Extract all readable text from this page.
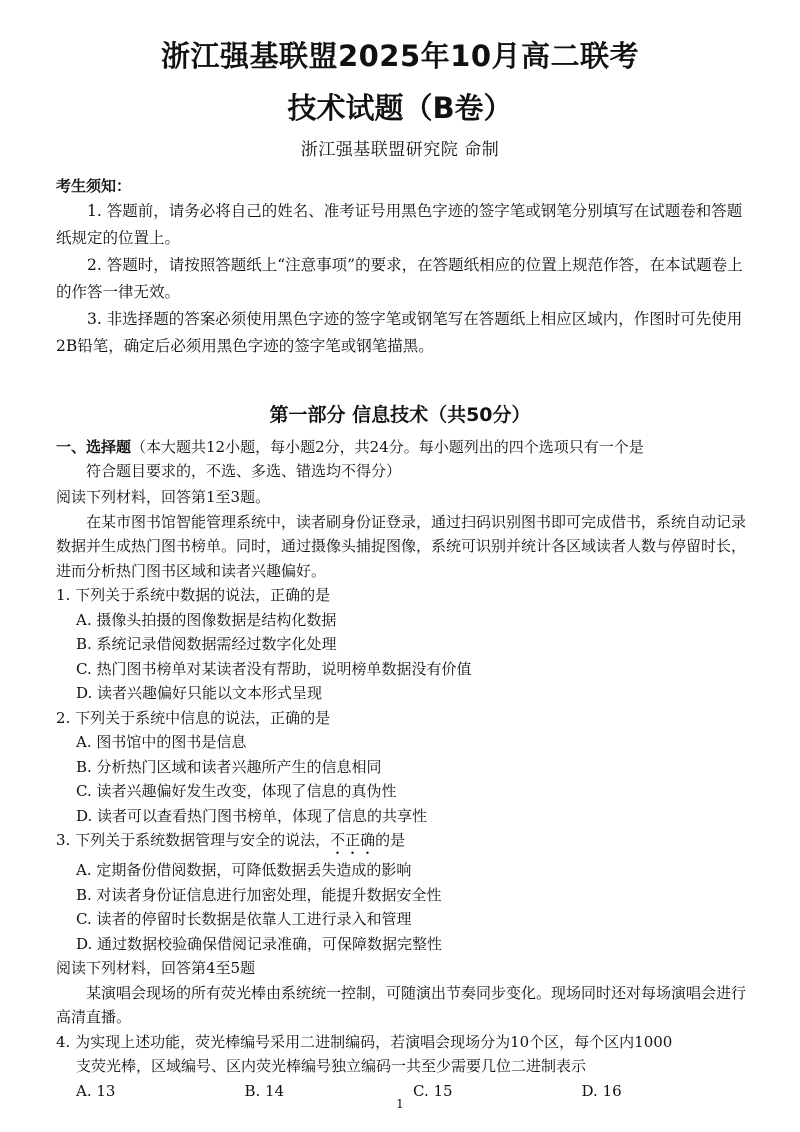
浙江强基联盟2025年10月高二联考
技术试题（B卷）
浙江强基联盟研究院 命制
考生须知：
1. 答题前，请务必将自己的姓名、准考证号用黑色字迹的签字笔或钢笔分别填写在试题卷和答题纸规定的位置上。
2. 答题时，请按照答题纸上“注意事项”的要求，在答题纸相应的位置上规范作答，在本试题卷上的作答一律无效。
3. 非选择题的答案必须使用黑色字迹的签字笔或钢笔写在答题纸上相应区域内，作图时可先使用2B铅笔，确定后必须用黑色字迹的签字笔或钢笔描黑。
第一部分 信息技术（共50分）
一、选择题（本大题共12小题，每小题2分，共24分。每小题列出的四个选项只有一个是
符合题目要求的，不选、多选、错选均不得分）
阅读下列材料，回答第1至3题。
在某市图书馆智能管理系统中，读者刷身份证登录，通过扫码识别图书即可完成借书，系统自动记录数据并生成热门图书榜单。同时，通过摄像头捕捉图像，系统可识别并统计各区域读者人数与停留时长，进而分析热门图书区域和读者兴趣偏好。
1. 下列关于系统中数据的说法，正确的是
A. 摄像头拍摄的图像数据是结构化数据
B. 系统记录借阅数据需经过数字化处理
C. 热门图书榜单对某读者没有帮助，说明榜单数据没有价值
D. 读者兴趣偏好只能以文本形式呈现
2. 下列关于系统中信息的说法，正确的是
A. 图书馆中的图书是信息
B. 分析热门区域和读者兴趣所产生的信息相同
C. 读者兴趣偏好发生改变，体现了信息的真伪性
D. 读者可以查看热门图书榜单，体现了信息的共享性
3. 下列关于系统数据管理与安全的说法，不正确的是
A. 定期备份借阅数据，可降低数据丢失造成的影响
B. 对读者身份证信息进行加密处理，能提升数据安全性
C. 读者的停留时长数据是依靠人工进行录入和管理
D. 通过数据校验确保借阅记录准确，可保障数据完整性
阅读下列材料，回答第4至5题
某演唱会现场的所有荧光棒由系统统一控制，可随演出节奏同步变化。现场同时还对每场演唱会进行高清直播。
4. 为实现上述功能，荧光棒编号采用二进制编码，若演唱会现场分为10个区，每个区内1000
支荧光棒，区域编号、区内荧光棒编号独立编码一共至少需要几位二进制表示
A. 13	B. 14	C. 15	D. 16
1
